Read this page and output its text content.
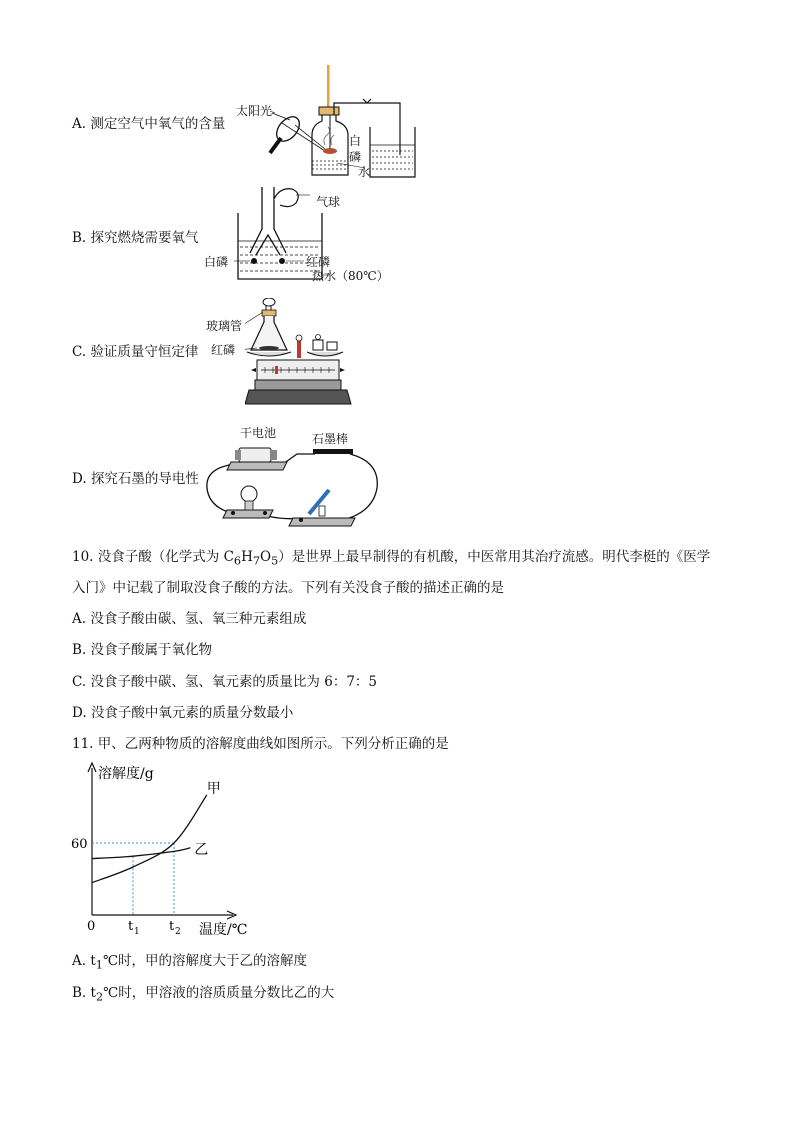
A. 测定空气中氧气的含量
太阳光
白
磷
水
B. 探究燃烧需要氧气
气球
白磷	红磷
热水（80℃）
C. 验证质量守恒定律
玻璃管
红磷
D. 探究石墨的导电性
干电池	石墨棒
10. 没食子酸（化学式为 $C_6H_7O_5$）是世界上最早制得的有机酸，中医常用其治疗流感。明代李梃的《医学
入门》中记载了制取没食子酸的方法。下列有关没食子酸的描述正确的是
A. 没食子酸由碳、氢、氧三种元素组成
B. 没食子酸属于氧化物
C. 没食子酸中碳、氢、氧元素的质量比为 6：7：5
D. 没食子酸中氧元素的质量分数最小
11. 甲、乙两种物质的溶解度曲线如图所示。下列分析正确的是
溶解度/g
温度/℃
0
甲
乙
60
t 1 t 2
A. $t_1℃$时，甲的溶解度大于乙的溶解度
B. $t_2℃$时，甲溶液的溶质质量分数比乙的大
